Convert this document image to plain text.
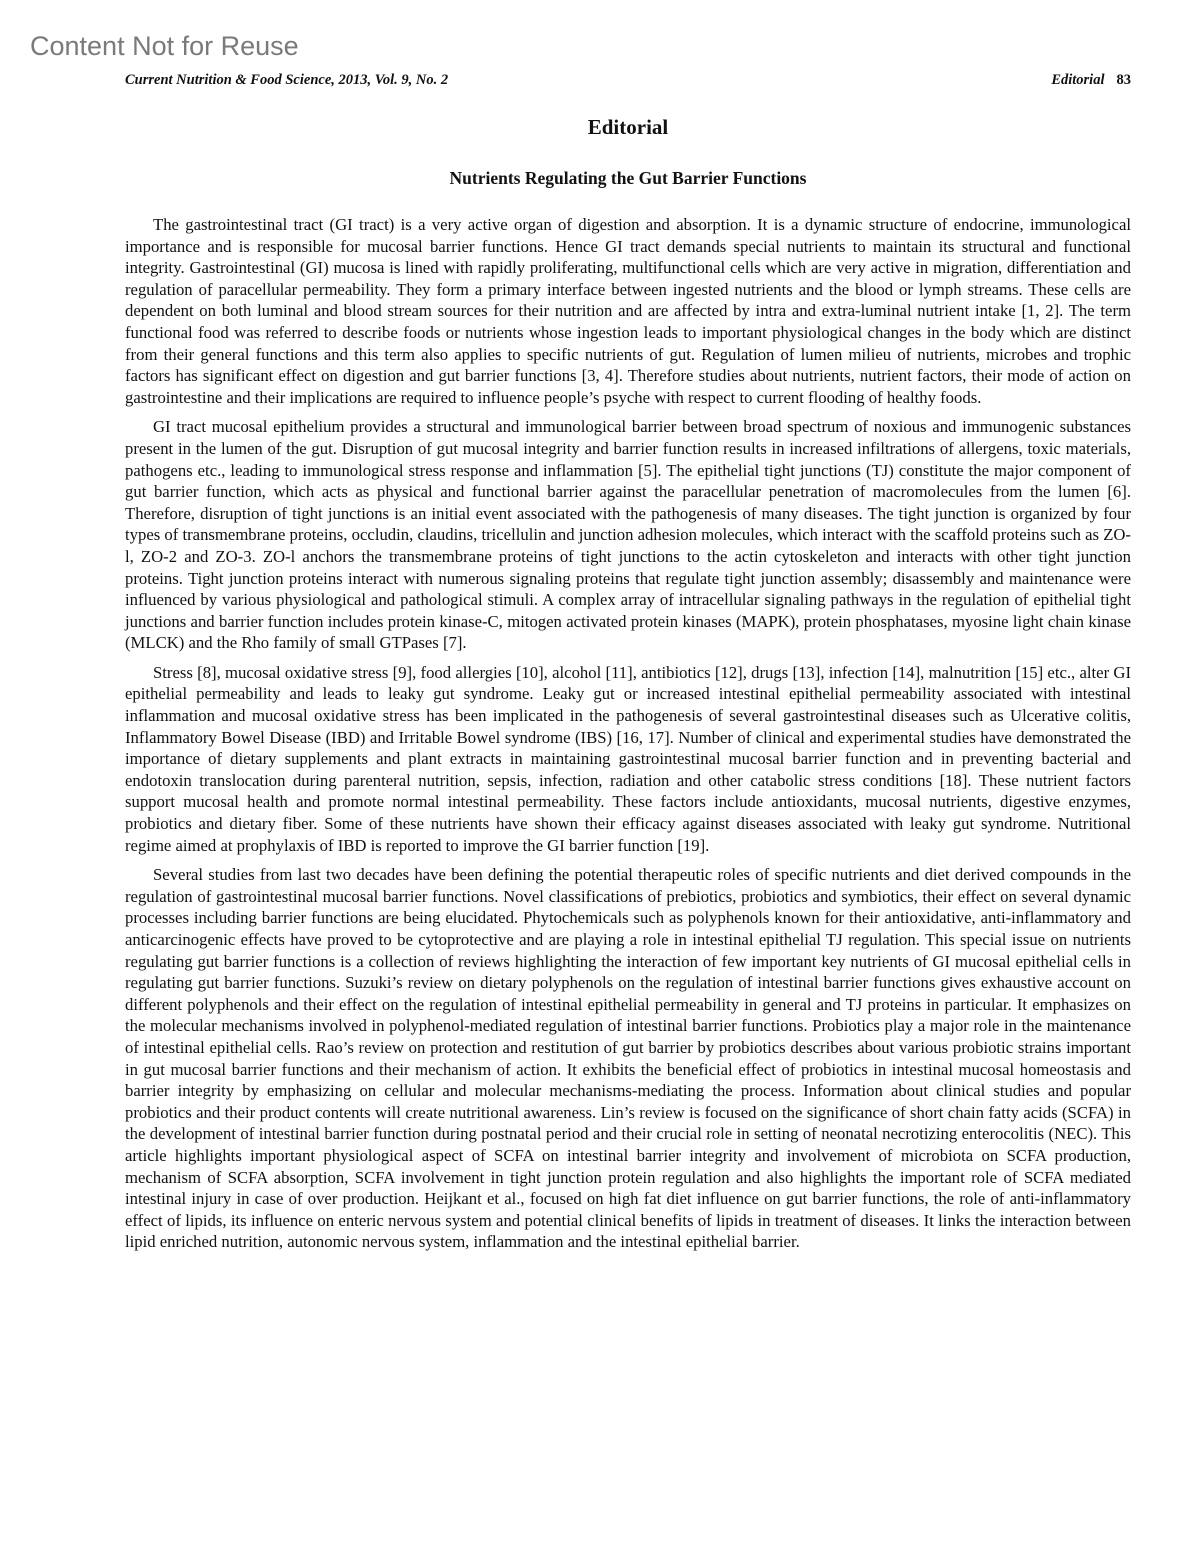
Content Not for Reuse
Current Nutrition & Food Science, 2013, Vol. 9, No. 2	Editorial 83
Editorial
Nutrients Regulating the Gut Barrier Functions

The gastrointestinal tract (GI tract) is a very active organ of digestion and absorption. It is a dynamic structure of endocrine, immunological importance and is responsible for mucosal barrier functions. Hence GI tract demands special nutrients to maintain its structural and functional integrity. Gastrointestinal (GI) mucosa is lined with rapidly proliferating, multifunctional cells which are very active in migration, differentiation and regulation of paracellular permeability. They form a primary interface between ingested nutrients and the blood or lymph streams. These cells are dependent on both luminal and blood stream sources for their nutrition and are affected by intra and extra-luminal nutrient intake [1, 2]. The term functional food was referred to describe foods or nutrients whose ingestion leads to important physiological changes in the body which are distinct from their general functions and this term also applies to specific nutrients of gut. Regulation of lumen milieu of nutrients, microbes and trophic factors has significant effect on digestion and gut barrier functions [3, 4]. Therefore studies about nutrients, nutrient factors, their mode of action on gastrointestine and their implications are required to influence people’s psyche with respect to current flooding of healthy foods.

GI tract mucosal epithelium provides a structural and immunological barrier between broad spectrum of noxious and immunogenic substances present in the lumen of the gut. Disruption of gut mucosal integrity and barrier function results in increased infiltrations of allergens, toxic materials, pathogens etc., leading to immunological stress response and inflammation [5]. The epithelial tight junctions (TJ) constitute the major component of gut barrier function, which acts as physical and functional barrier against the paracellular penetration of macromolecules from the lumen [6]. Therefore, disruption of tight junctions is an initial event associated with the pathogenesis of many diseases. The tight junction is organized by four types of transmembrane proteins, occludin, claudins, tricellulin and junction adhesion molecules, which interact with the scaffold proteins such as ZO-l, ZO-2 and ZO-3. ZO-l anchors the transmembrane proteins of tight junctions to the actin cytoskeleton and interacts with other tight junction proteins. Tight junction proteins interact with numerous signaling proteins that regulate tight junction assembly; disassembly and maintenance were influenced by various physiological and pathological stimuli. A complex array of intracellular signaling pathways in the regulation of epithelial tight junctions and barrier function includes protein kinase-C, mitogen activated protein kinases (MAPK), protein phosphatases, myosine light chain kinase (MLCK) and the Rho family of small GTPases [7].

Stress [8], mucosal oxidative stress [9], food allergies [10], alcohol [11], antibiotics [12], drugs [13], infection [14], malnutrition [15] etc., alter GI epithelial permeability and leads to leaky gut syndrome. Leaky gut or increased intestinal epithelial permeability associated with intestinal inflammation and mucosal oxidative stress has been implicated in the pathogenesis of several gastrointestinal diseases such as Ulcerative colitis, Inflammatory Bowel Disease (IBD) and Irritable Bowel syndrome (IBS) [16, 17]. Number of clinical and experimental studies have demonstrated the importance of dietary supplements and plant extracts in maintaining gastrointestinal mucosal barrier function and in preventing bacterial and endotoxin translocation during parenteral nutrition, sepsis, infection, radiation and other catabolic stress conditions [18]. These nutrient factors support mucosal health and promote normal intestinal permeability. These factors include antioxidants, mucosal nutrients, digestive enzymes, probiotics and dietary fiber. Some of these nutrients have shown their efficacy against diseases associated with leaky gut syndrome. Nutritional regime aimed at prophylaxis of IBD is reported to improve the GI barrier function [19].

Several studies from last two decades have been defining the potential therapeutic roles of specific nutrients and diet derived compounds in the regulation of gastrointestinal mucosal barrier functions. Novel classifications of prebiotics, probiotics and symbiotics, their effect on several dynamic processes including barrier functions are being elucidated. Phytochemicals such as polyphenols known for their antioxidative, anti-inflammatory and anticarcinogenic effects have proved to be cytoprotective and are playing a role in intestinal epithelial TJ regulation. This special issue on nutrients regulating gut barrier functions is a collection of reviews highlighting the interaction of few important key nutrients of GI mucosal epithelial cells in regulating gut barrier functions. Suzuki’s review on dietary polyphenols on the regulation of intestinal barrier functions gives exhaustive account on different polyphenols and their effect on the regulation of intestinal epithelial permeability in general and TJ proteins in particular. It emphasizes on the molecular mechanisms involved in polyphenol-mediated regulation of intestinal barrier functions. Probiotics play a major role in the maintenance of intestinal epithelial cells. Rao’s review on protection and restitution of gut barrier by probiotics describes about various probiotic strains important in gut mucosal barrier functions and their mechanism of action. It exhibits the beneficial effect of probiotics in intestinal mucosal homeostasis and barrier integrity by emphasizing on cellular and molecular mechanisms-mediating the process. Information about clinical studies and popular probiotics and their product contents will create nutritional awareness. Lin’s review is focused on the significance of short chain fatty acids (SCFA) in the development of intestinal barrier function during postnatal period and their crucial role in setting of neonatal necrotizing enterocolitis (NEC). This article highlights important physiological aspect of SCFA on intestinal barrier integrity and involvement of microbiota on SCFA production, mechanism of SCFA absorption, SCFA involvement in tight junction protein regulation and also highlights the important role of SCFA mediated intestinal injury in case of over production. Heijkant et al., focused on high fat diet influence on gut barrier functions, the role of anti-inflammatory effect of lipids, its influence on enteric nervous system and potential clinical benefits of lipids in treatment of diseases. It links the interaction between lipid enriched nutrition, autonomic nervous system, inflammation and the intestinal epithelial barrier.
